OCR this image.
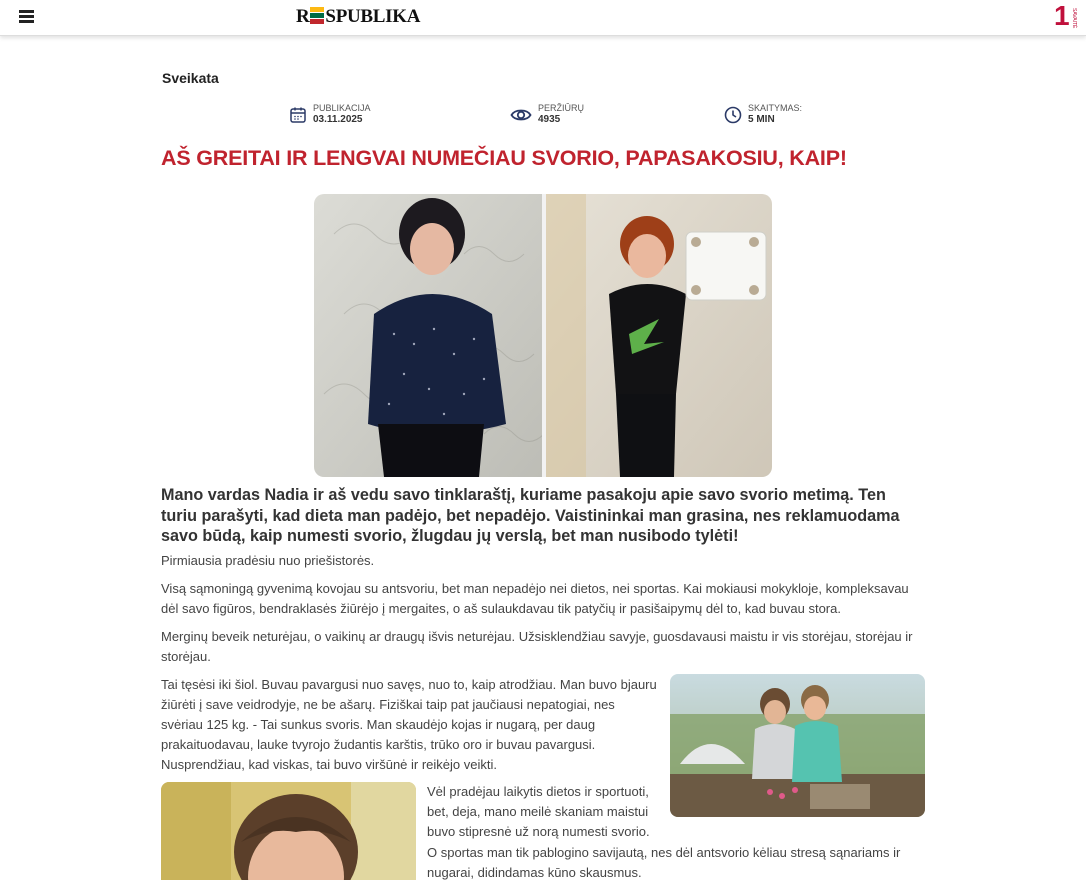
R SPUBLIKA	1 SAVAITĖ
Sveikata
PUBLIKACIJA
03.11.2025
PERŽIŪRŲ
4935
SKAITYMAS:
5 MIN
AŠ GREITAI IR LENGVAI NUMEČIAU SVORIO, PAPASAKOSIU, KAIP!

Mano vardas Nadia ir aš vedu savo tinklaraštį, kuriame pasakoju apie savo svorio metimą. Ten turiu parašyti, kad dieta man padėjo, bet nepadėjo. Vaistininkai man grasina, nes reklamuodama savo būdą, kaip numesti svorio, žlugdau jų verslą, bet man nusibodo tylėti!

Pirmiausia pradėsiu nuo priešistorės.

Visą sąmoningą gyvenimą kovojau su antsvoriu, bet man nepadėjo nei dietos, nei sportas. Kai mokiausi mokykloje, kompleksavau dėl savo figūros, bendraklasės žiūrėjo į mergaites, o aš sulaukdavau tik patyčių ir pasišaipymų dėl to, kad buvau stora.

Merginų beveik neturėjau, o vaikinų ar draugų išvis neturėjau. Užsisklendžiau savyje, guosdavausi maistu ir vis storėjau, storėjau ir storėjau.

Tai tęsėsi iki šiol. Buvau pavargusi nuo savęs, nuo to, kaip atrodžiau. Man buvo bjauru žiūrėti į save veidrodyje, ne be ašarų. Fiziškai taip pat jaučiausi nepatogiai, nes svėriau 125 kg. - Tai sunkus svoris. Man skaudėjo kojas ir nugarą, per daug prakaituodavau, lauke tvyrojo žudantis karštis, trūko oro ir buvau pavargusi. Nusprendžiau, kad viskas, tai buvo viršūnė ir reikėjo veikti.

Vėl pradėjau laikytis dietos ir sportuoti, bet, deja, mano meilė skaniam maistui buvo stipresnė už norą numesti svorio.

O sportas man tik pablogino savijautą, nes dėl antsvorio kėliau stresą sąnariams ir nugarai, didindamas kūno skausmus.
